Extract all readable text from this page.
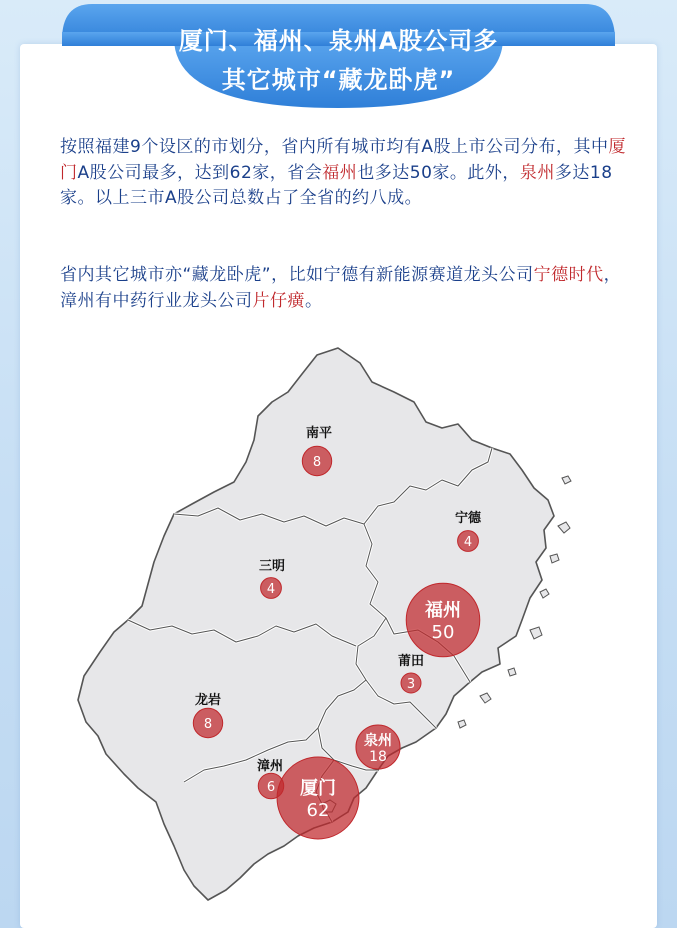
厦门、福州、泉州A股公司多
其它城市“藏龙卧虎”
按照福建9个设区的市划分，省内所有城市均有A股上市公司分布，其中厦门A股公司最多，达到62家，省会福州也多达50家。此外，泉州多达18家。以上三市A股公司总数占了全省的约八成。
省内其它城市亦“藏龙卧虎”，比如宁德有新能源赛道龙头公司宁德时代，漳州有中药行业龙头公司片仔癀。
南平
8
宁德
4
三明
4
福州
50
莆田
3
龙岩
8
泉州
18
漳州
6 厦门
62
